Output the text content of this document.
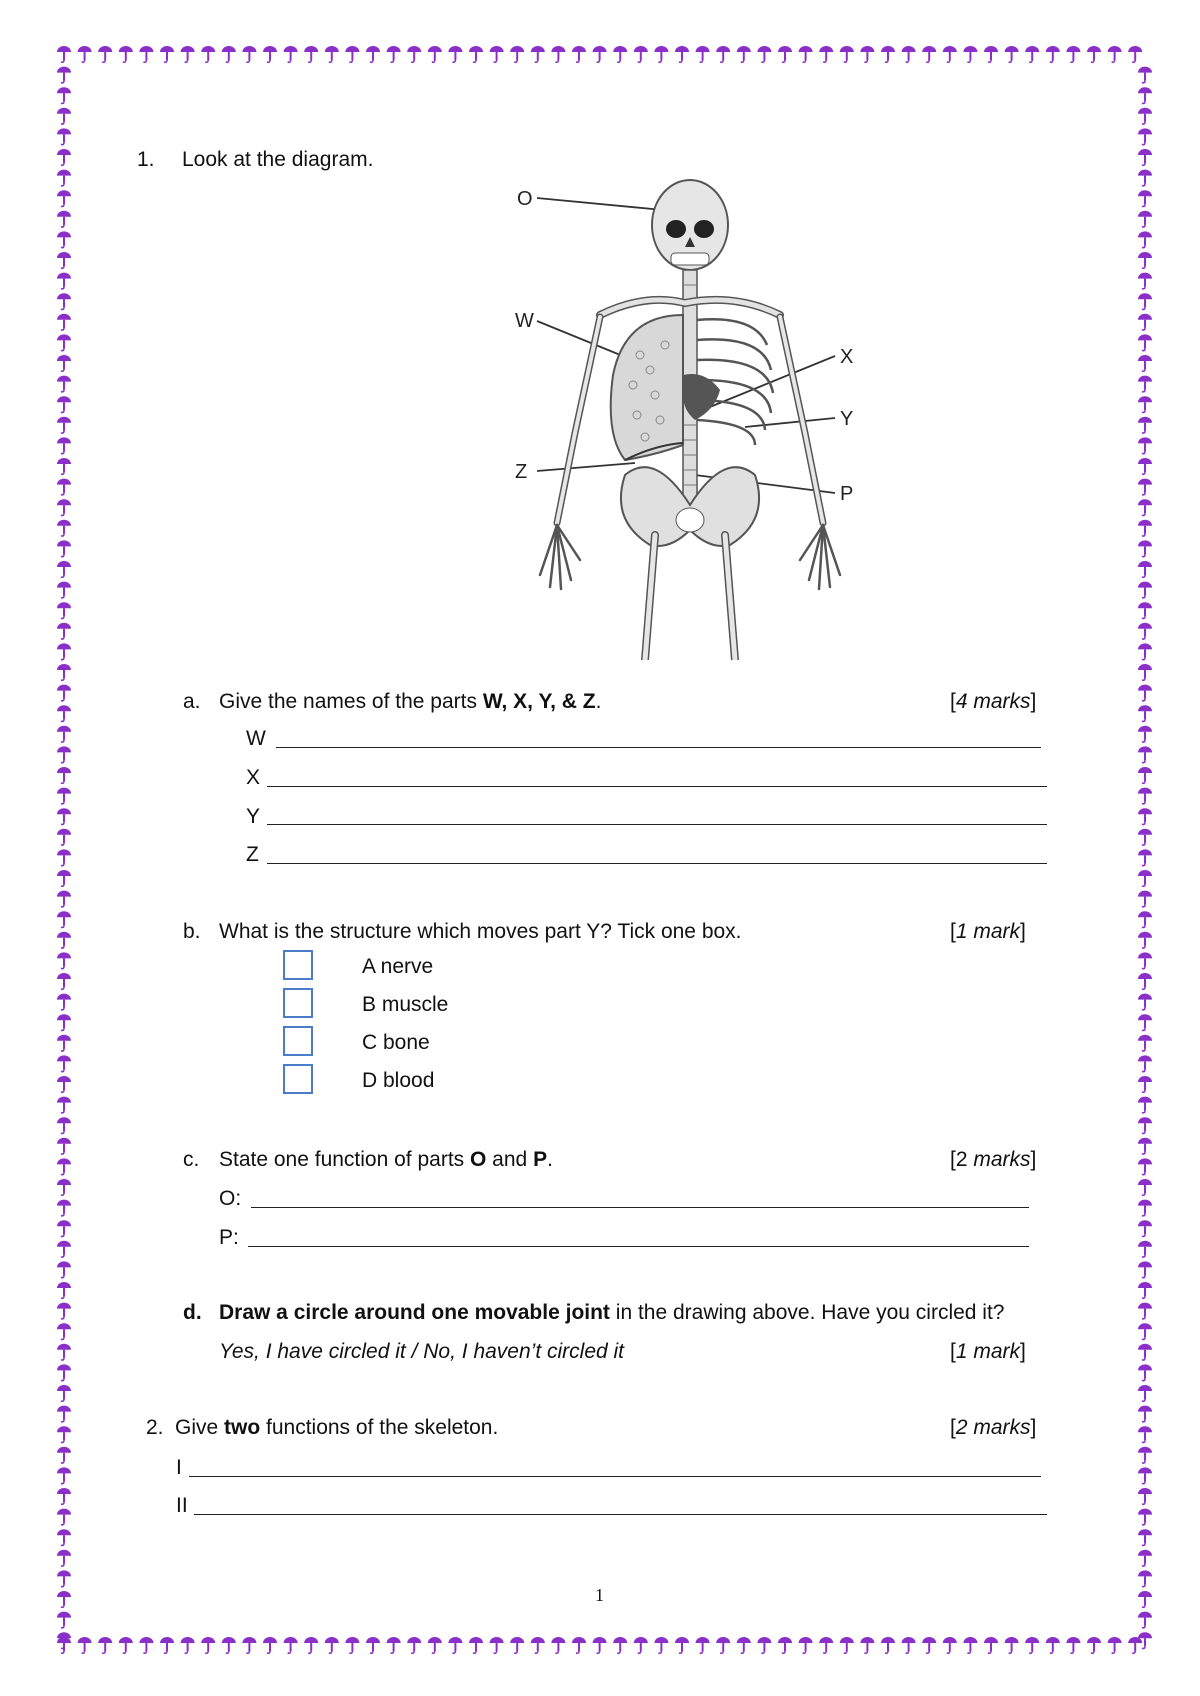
1. Look at the diagram.
O
W
X
Y
Z
P
a. Give the names of the parts W, X, Y, & Z.	[4 marks]
W
X
Y
Z
b. What is the structure which moves part Y? Tick one box.	[1 mark]
A nerve
B muscle
C bone
D blood
c. State one function of parts O and P.	[2 marks]
O:
P:
d. Draw a circle around one movable joint in the drawing above. Have you circled it?
Yes, I have circled it / No, I haven’t circled it	[1 mark]
2. Give two functions of the skeleton.	[2 marks]
I
II
1
